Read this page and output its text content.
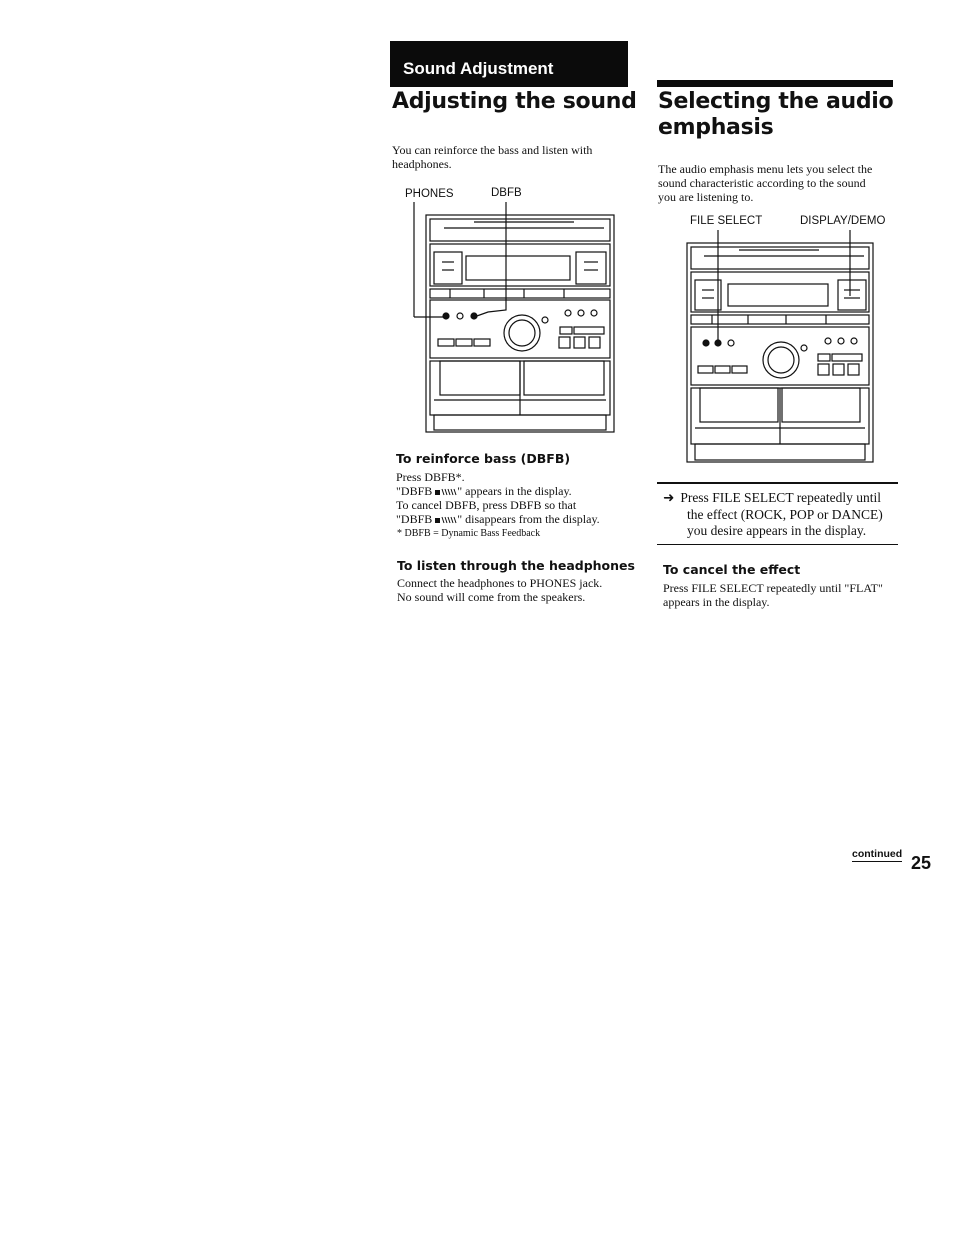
Sound Adjustment
Adjusting the sound
You can reinforce the bass and listen with
headphones.
PHONES	DBFB
To reinforce bass (DBFB)
Press DBFB*.
"DBFB " appears in the display.
To cancel DBFB, press DBFB so that
"DBFB " disappears from the display.
* DBFB = Dynamic Bass Feedback
To listen through the headphones
Connect the headphones to PHONES jack.
No sound will come from the speakers.
Selecting the audio
emphasis
The audio emphasis menu lets you select the
sound characteristic according to the sound
you are listening to.
FILE SELECT	DISPLAY/DEMO
➜ Press FILE SELECT repeatedly until
the effect (ROCK, POP or DANCE)
you desire appears in the display.
To cancel the effect
Press FILE SELECT repeatedly until "FLAT"
appears in the display.
continued 25
